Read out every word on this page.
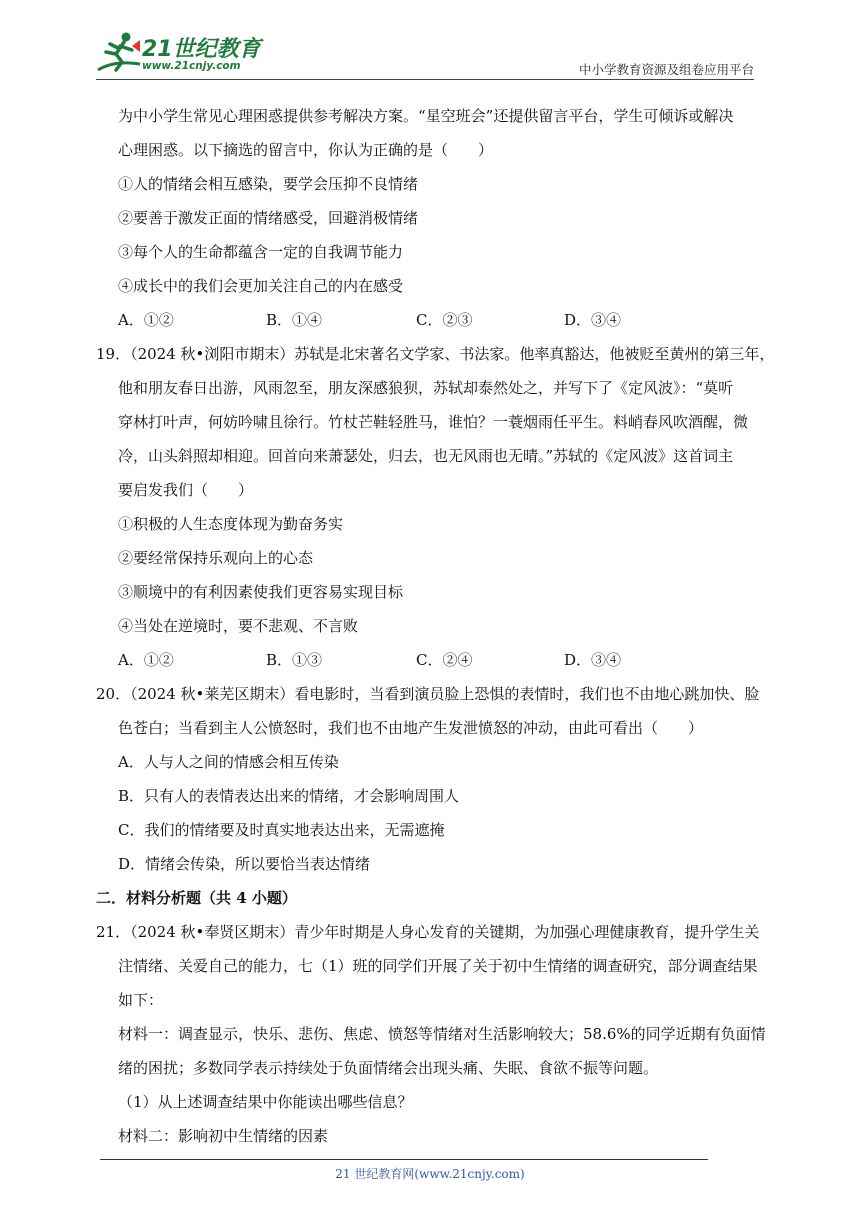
21世纪教育
www.21cnjy.com	中小学教育资源及组卷应用平台
为中小学生常见心理困惑提供参考解决方案。“星空班会”还提供留言平台，学生可倾诉或解决
心理困惑。以下摘选的留言中，你认为正确的是（　　）
①人的情绪会相互感染，要学会压抑不良情绪
②要善于激发正面的情绪感受，回避消极情绪
③每个人的生命都蕴含一定的自我调节能力
④成长中的我们会更加关注自己的内在感受
A．①②	B．①④	C．②③	D．③④
19．（2024 秋•浏阳市期末）苏轼是北宋著名文学家、书法家。他率真豁达，他被贬至黄州的第三年，
他和朋友春日出游，风雨忽至，朋友深感狼狈，苏轼却泰然处之，并写下了《定风波》：“莫听
穿林打叶声，何妨吟啸且徐行。竹杖芒鞋轻胜马，谁怕？一蓑烟雨任平生。料峭春风吹酒醒，微
冷，山头斜照却相迎。回首向来萧瑟处，归去，也无风雨也无晴。”苏轼的《定风波》这首词主
要启发我们（　　）
①积极的人生态度体现为勤奋务实
②要经常保持乐观向上的心态
③顺境中的有利因素使我们更容易实现目标
④当处在逆境时，要不悲观、不言败
A．①②	B．①③	C．②④	D．③④
20．（2024 秋•莱芜区期末）看电影时，当看到演员脸上恐惧的表情时，我们也不由地心跳加快、脸
色苍白；当看到主人公愤怒时，我们也不由地产生发泄愤怒的冲动，由此可看出（　　）
A．人与人之间的情感会相互传染
B．只有人的表情表达出来的情绪，才会影响周围人
C．我们的情绪要及时真实地表达出来，无需遮掩
D．情绪会传染，所以要恰当表达情绪
二．材料分析题（共 4 小题）
21．（2024 秋•奉贤区期末）青少年时期是人身心发育的关键期，为加强心理健康教育，提升学生关
注情绪、关爱自己的能力，七（1）班的同学们开展了关于初中生情绪的调查研究，部分调查结果
如下：
材料一：调查显示，快乐、悲伤、焦虑、愤怒等情绪对生活影响较大；58.6%的同学近期有负面情
绪的困扰；多数同学表示持续处于负面情绪会出现头痛、失眠、食欲不振等问题。
（1）从上述调查结果中你能读出哪些信息？
材料二：影响初中生情绪的因素
21 世纪教育网(www.21cnjy.com)
